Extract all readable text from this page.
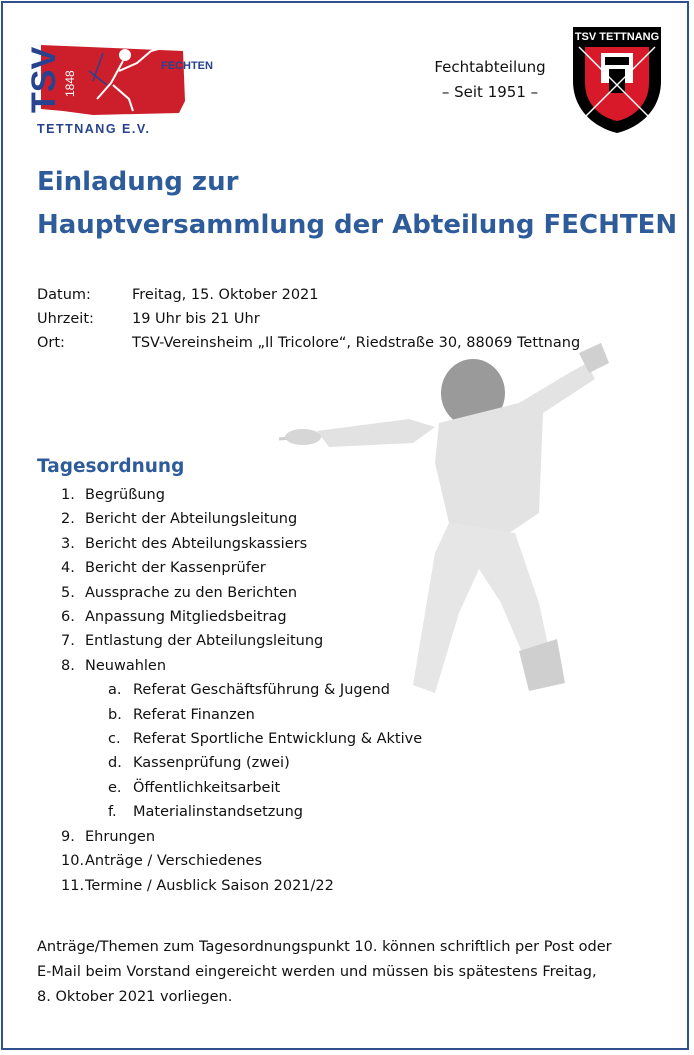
TSV 1848
FECHTEN
TETTNANG E.V.
Fechtabteilung
– Seit 1951 –
TSV TETTNANG
Einladung zur
Hauptversammlung der Abteilung FECHTEN
Datum:	Freitag, 15. Oktober 2021
Uhrzeit:	19 Uhr bis 21 Uhr
Ort:	TSV-Vereinsheim „Il Tricolore“, Riedstraße 30, 88069 Tettnang
Tagesordnung
1. Begrüßung
2. Bericht der Abteilungsleitung
3. Bericht des Abteilungskassiers
4. Bericht der Kassenprüfer
5. Aussprache zu den Berichten
6. Anpassung Mitgliedsbeitrag
7. Entlastung der Abteilungsleitung
8. Neuwahlen
a. Referat Geschäftsführung & Jugend
b. Referat Finanzen
c. Referat Sportliche Entwicklung & Aktive
d. Kassenprüfung (zwei)
e. Öffentlichkeitsarbeit
f.	Materialinstandsetzung
9. Ehrungen
10. Anträge / Verschiedenes
11. Termine / Ausblick Saison 2021/22
Anträge/Themen zum Tagesordnungspunkt 10. können schriftlich per Post oder
E-Mail beim Vorstand eingereicht werden und müssen bis spätestens Freitag,
8. Oktober 2021 vorliegen.
